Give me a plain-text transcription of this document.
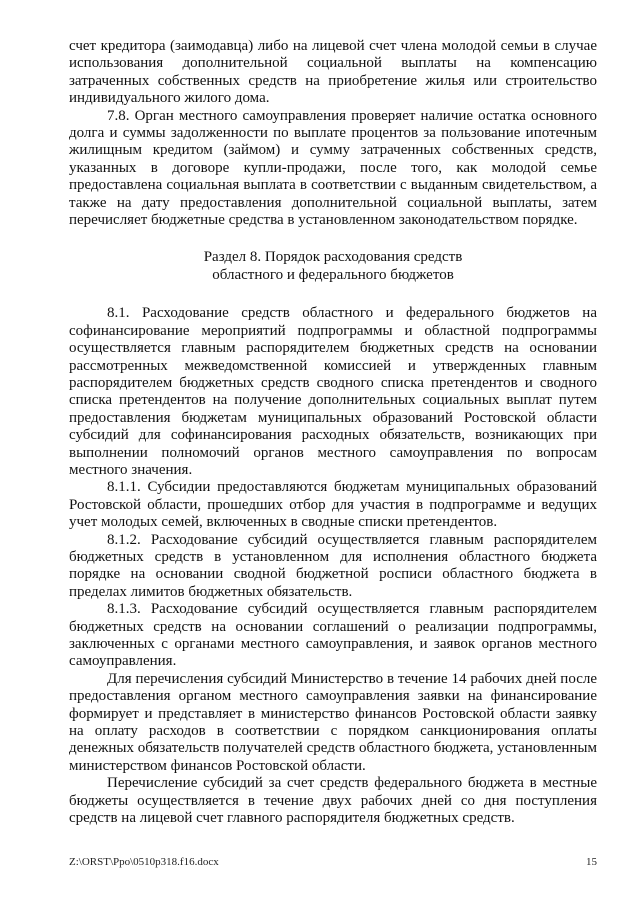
счет кредитора (заимодавца) либо на лицевой счет члена молодой семьи в случае использования дополнительной социальной выплаты на компенсацию затраченных собственных средств на приобретение жилья или строительство индивидуального жилого дома.

7.8. Орган местного самоуправления проверяет наличие остатка основного долга и суммы задолженности по выплате процентов за пользование ипотечным жилищным кредитом (займом) и сумму затраченных собственных средств, указанных в договоре купли-продажи, после того, как молодой семье предоставлена социальная выплата в соответствии с выданным свидетельством, а также на дату предоставления дополнительной социальной выплаты, затем перечисляет бюджетные средства в установленном законодательством порядке.

Раздел 8. Порядок расходования средств
областного и федерального бюджетов

8.1. Расходование средств областного и федерального бюджетов на софинансирование мероприятий подпрограммы и областной подпрограммы осуществляется главным распорядителем бюджетных средств на основании рассмотренных межведомственной комиссией и утвержденных главным распорядителем бюджетных средств сводного списка претендентов и сводного списка претендентов на получение дополнительных социальных выплат путем предоставления бюджетам муниципальных образований Ростовской области субсидий для софинансирования расходных обязательств, возникающих при выполнении полномочий органов местного самоуправления по вопросам местного значения.

8.1.1. Субсидии предоставляются бюджетам муниципальных образований Ростовской области, прошедших отбор для участия в подпрограмме и ведущих учет молодых семей, включенных в сводные списки претендентов.

8.1.2. Расходование субсидий осуществляется главным распорядителем бюджетных средств в установленном для исполнения областного бюджета порядке на основании сводной бюджетной росписи областного бюджета в пределах лимитов бюджетных обязательств.

8.1.3. Расходование субсидий осуществляется главным распорядителем бюджетных средств на основании соглашений о реализации подпрограммы, заключенных с органами местного самоуправления, и заявок органов местного самоуправления.

Для перечисления субсидий Министерство в течение 14 рабочих дней после предоставления органом местного самоуправления заявки на финансирование формирует и представляет в министерство финансов Ростовской области заявку на оплату расходов в соответствии с порядком санкционирования оплаты денежных обязательств получателей средств областного бюджета, установленным министерством финансов Ростовской области.

Перечисление субсидий за счет средств федерального бюджета в местные бюджеты осуществляется в течение двух рабочих дней со дня поступления средств на лицевой счет главного распорядителя бюджетных средств.

Z:\ORST\Ppo\0510p318.f16.docx	15
